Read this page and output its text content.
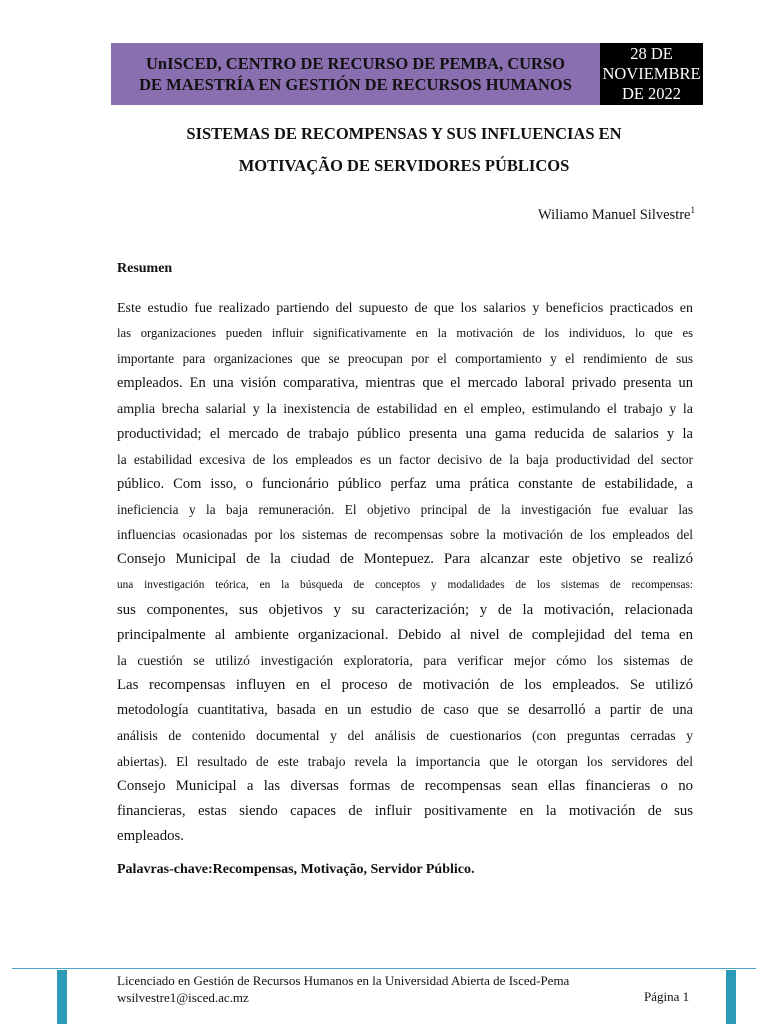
UnISCED, CENTRO DE RECURSO DE PEMBA, CURSO
DE MAESTRÍA EN GESTIÓN DE RECURSOS HUMANOS
28 DE
NOVIEMBRE
DE 2022
SISTEMAS DE RECOMPENSAS Y SUS INFLUENCIAS EN
MOTIVAÇÃO DE SERVIDORES PÚBLICOS
Wiliamo Manuel Silvestre$^1$
Resumen
Este estudio fue realizado partiendo del supuesto de que los salarios y beneficios practicados en
las organizaciones pueden influir significativamente en la motivación de los individuos, lo que es
importante para organizaciones que se preocupan por el comportamiento y el rendimiento de sus
empleados. En una visión comparativa, mientras que el mercado laboral privado presenta un
amplia brecha salarial y la inexistencia de estabilidad en el empleo, estimulando el trabajo y la
productividad; el mercado de trabajo público presenta una gama reducida de salarios y la
la estabilidad excesiva de los empleados es un factor decisivo de la baja productividad del sector
público. Com isso, o funcionário público perfaz uma prática constante de estabilidade, a
ineficiencia y la baja remuneración. El objetivo principal de la investigación fue evaluar las
influencias ocasionadas por los sistemas de recompensas sobre la motivación de los empleados del
Consejo Municipal de la ciudad de Montepuez. Para alcanzar este objetivo se realizó
una investigación teórica, en la búsqueda de conceptos y modalidades de los sistemas de recompensas:
sus componentes, sus objetivos y su caracterización; y de la motivación, relacionada
principalmente al ambiente organizacional. Debido al nivel de complejidad del tema en
la cuestión se utilizó investigación exploratoria, para verificar mejor cómo los sistemas de
Las recompensas influyen en el proceso de motivación de los empleados. Se utilizó
metodología cuantitativa, basada en un estudio de caso que se desarrolló a partir de una
análisis de contenido documental y del análisis de cuestionarios (con preguntas cerradas y
abiertas). El resultado de este trabajo revela la importancia que le otorgan los servidores del
Consejo Municipal a las diversas formas de recompensas sean ellas financieras o no
financieras, estas siendo capaces de influir positivamente en la motivación de sus
empleados.
Palavras-chave:Recompensas, Motivação, Servidor Público.
Licenciado en Gestión de Recursos Humanos en la Universidad Abierta de Isced-Pema
wsilvestre1@isced.ac.mz	Página 1
